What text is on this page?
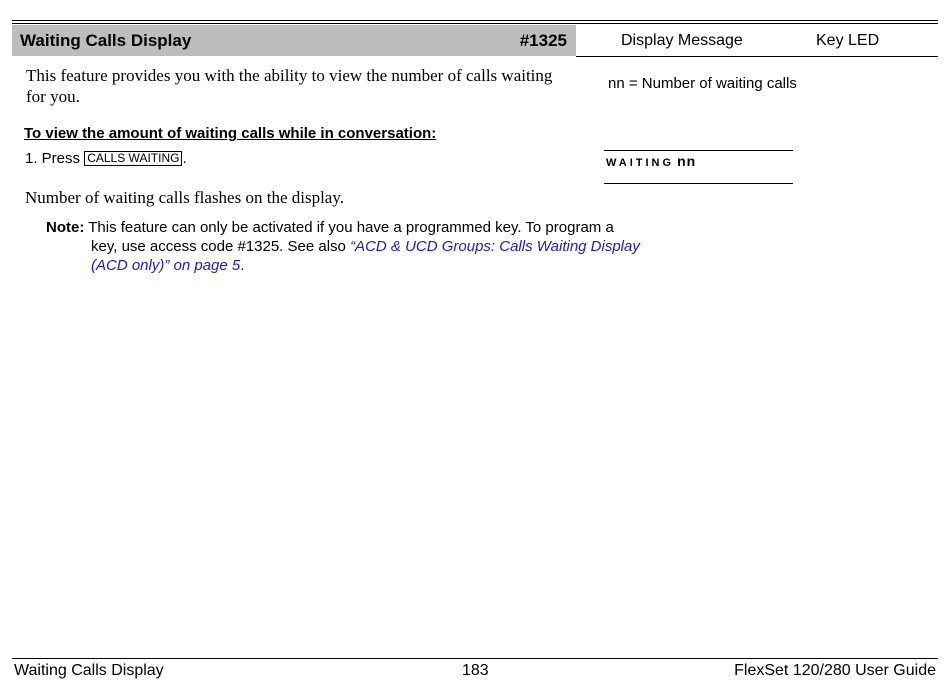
Waiting Calls Display	#1325	Display Message	Key LED
This feature provides you with the ability to view the number of calls waiting for you.
nn = Number of waiting calls
To view the amount of waiting calls while in conversation:
1. Press CALLS WAITING .	WAITING nn
Number of waiting calls flashes on the display.
Note: This feature can only be activated if you have a programmed key. To program a key, use access code #1325. See also “ACD & UCD Groups: Calls Waiting Display (ACD only)” on page 5.
Waiting Calls Display	183	FlexSet 120/280 User Guide
